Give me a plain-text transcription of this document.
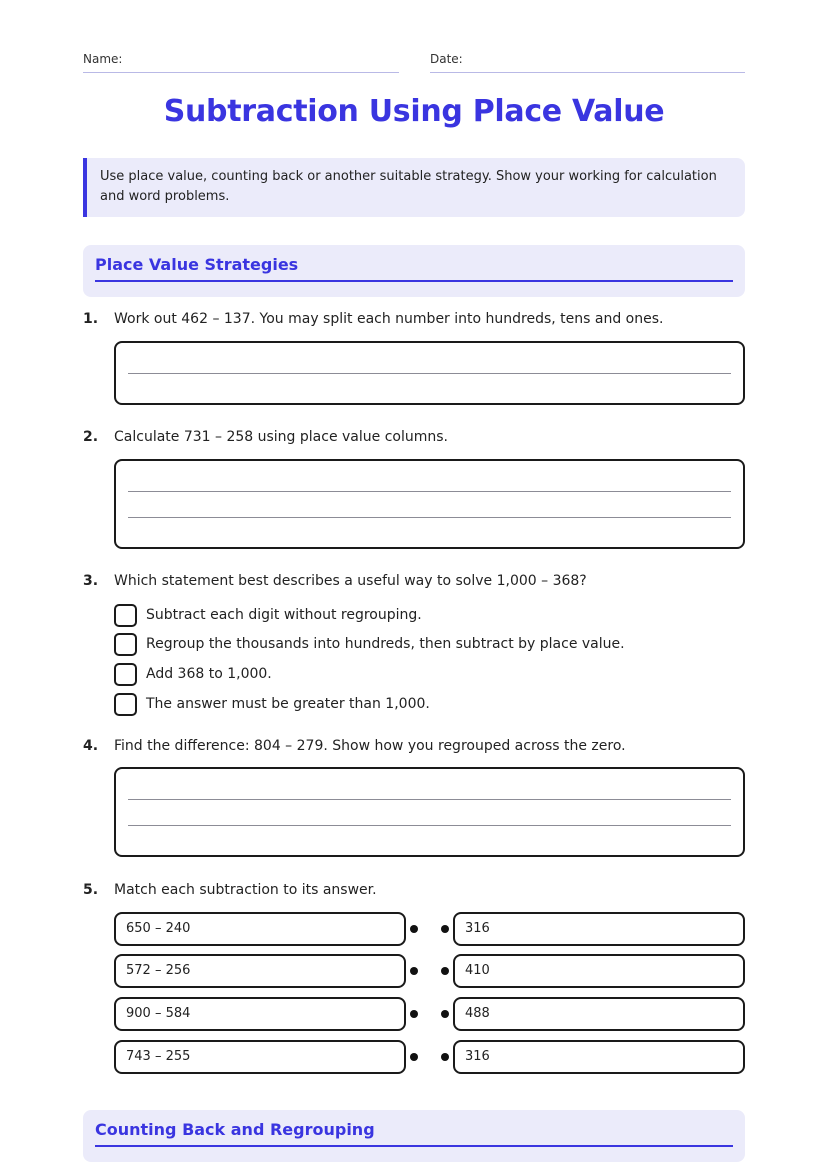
Name:	Date:
Subtraction Using Place Value
Use place value, counting back or another suitable strategy. Show your working for calculation and word problems.
Place Value Strategies
1. Work out 462 – 137. You may split each number into hundreds, tens and ones.
2. Calculate 731 – 258 using place value columns.
3. Which statement best describes a useful way to solve 1,000 – 368?
Subtract each digit without regrouping.
Regroup the thousands into hundreds, then subtract by place value.
Add 368 to 1,000.
The answer must be greater than 1,000.
4. Find the difference: 804 – 279. Show how you regrouped across the zero.
5. Match each subtraction to its answer.
650 – 240	316
572 – 256	410
900 – 584	488
743 – 255	316
Counting Back and Regrouping
